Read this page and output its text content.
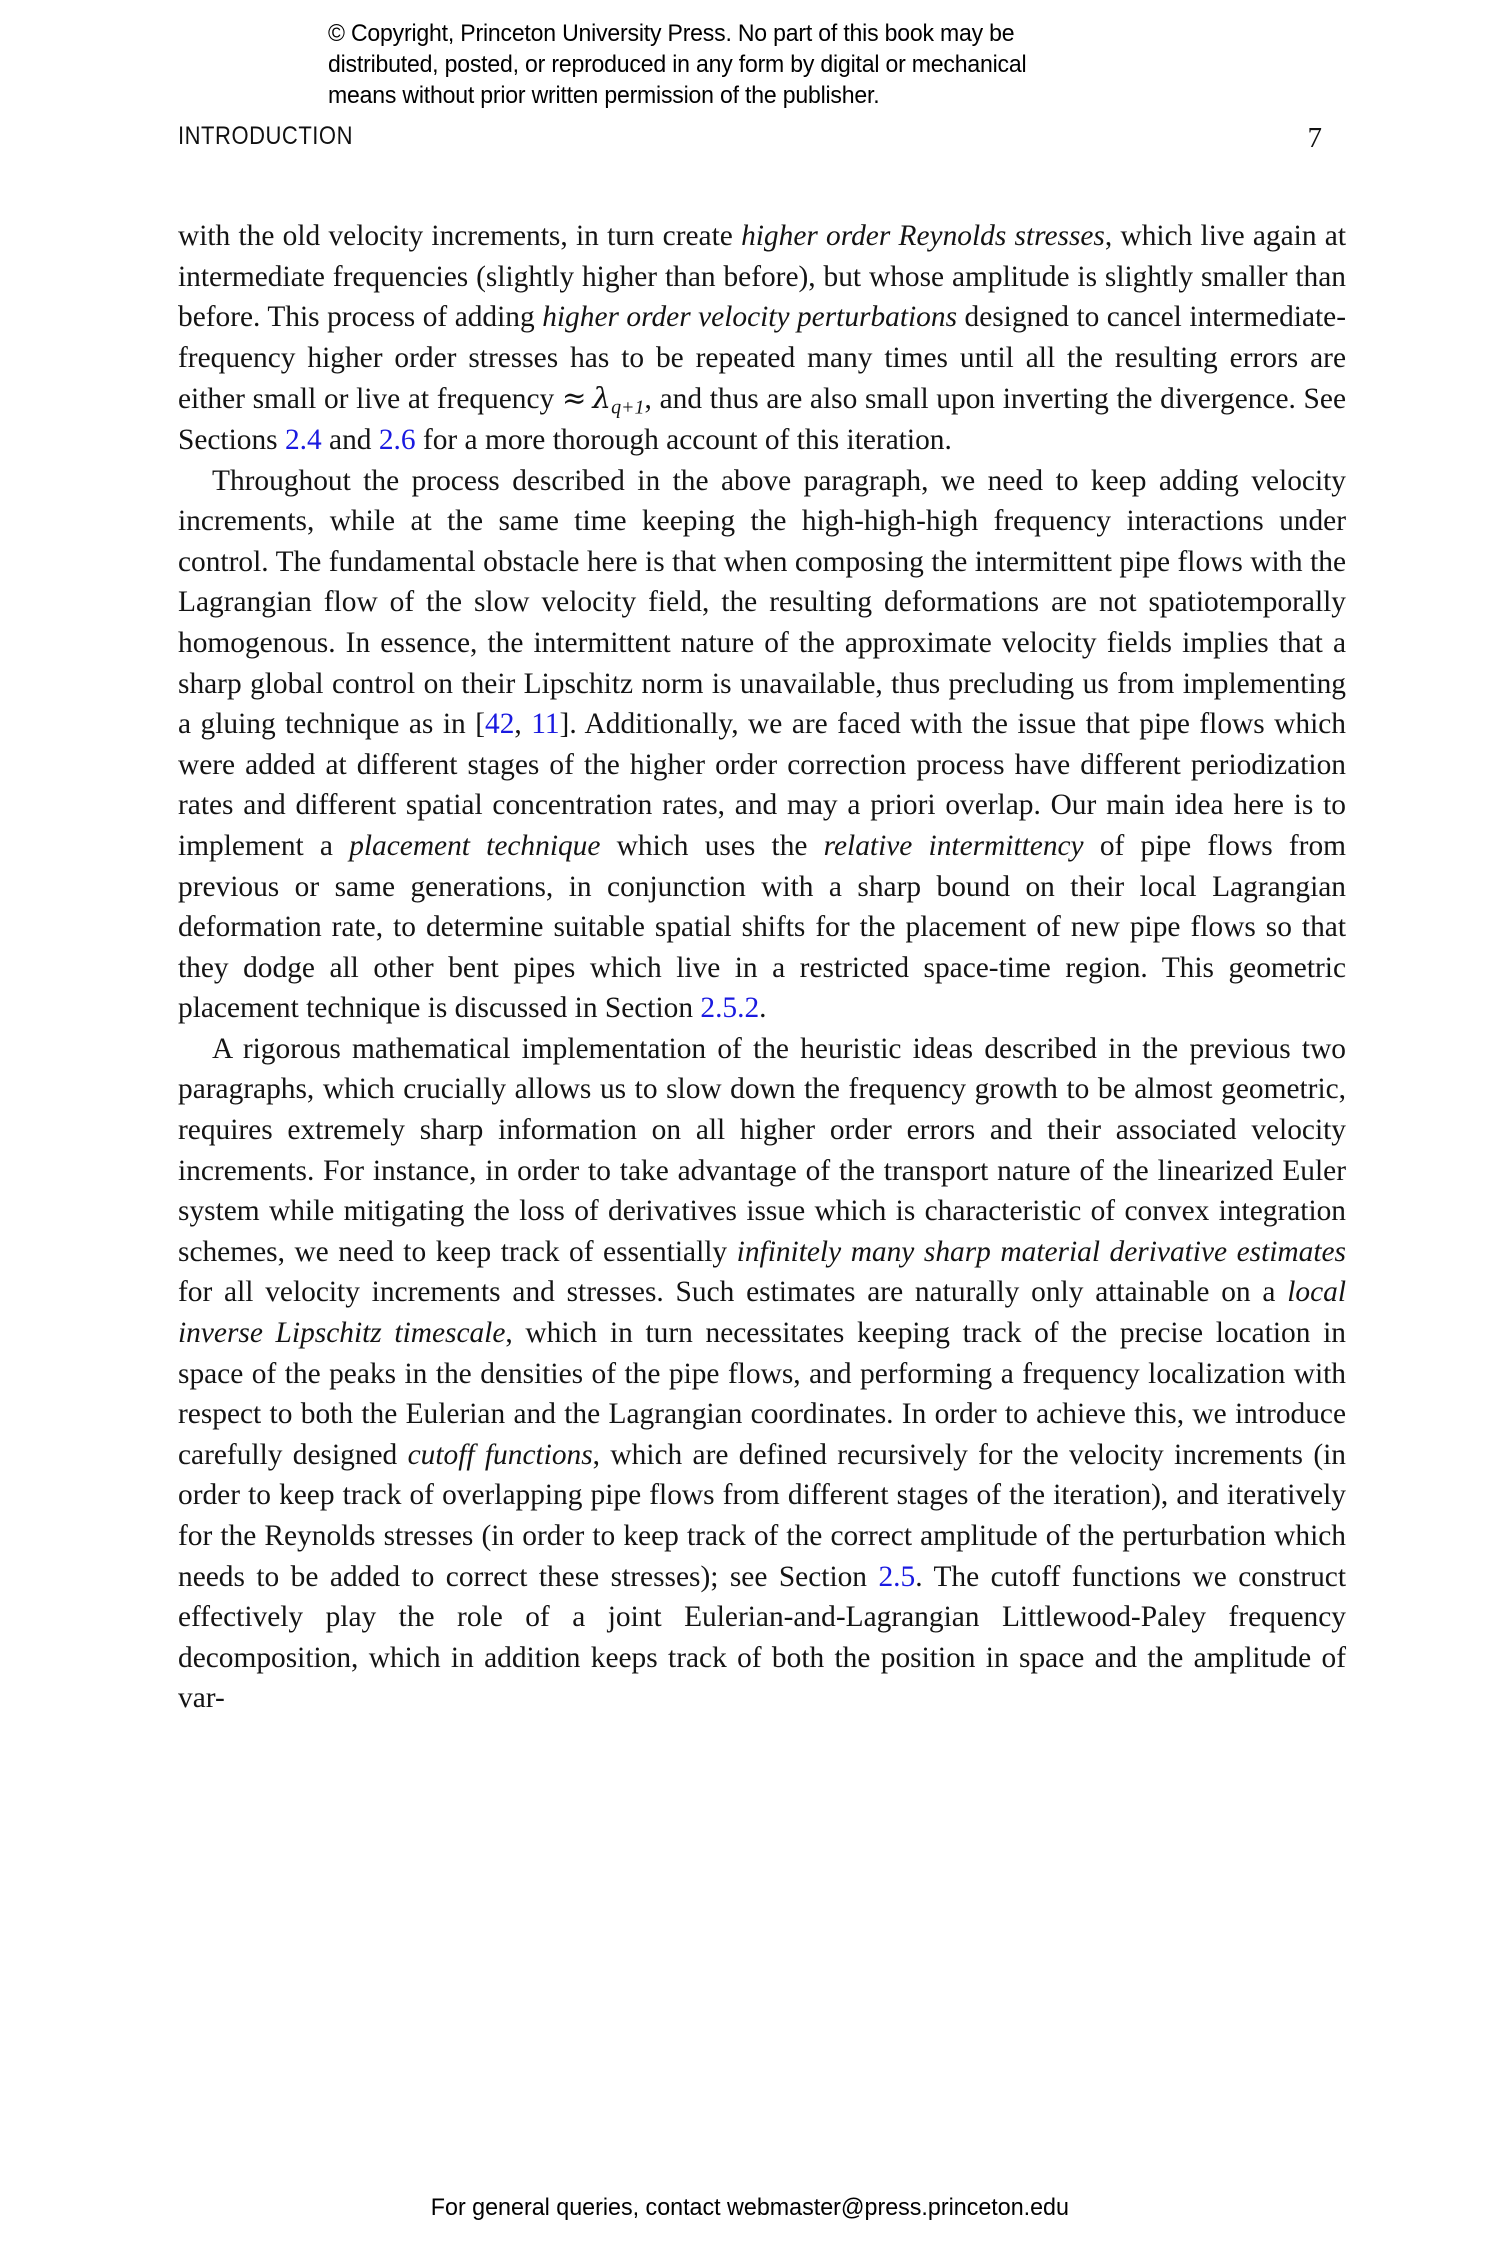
© Copyright, Princeton University Press. No part of this book may be
distributed, posted, or reproduced in any form by digital or mechanical
means without prior written permission of the publisher.
INTRODUCTION	7

with the old velocity increments, in turn create higher order Reynolds stresses, which live again at intermediate frequencies (slightly higher than before), but whose amplitude is slightly smaller than before. This process of adding higher order velocity perturbations designed to cancel intermediate-frequency higher order stresses has to be repeated many times until all the resulting errors are either small or live at frequency ≈ $\lambda_{q+1}$, and thus are also small upon inverting the divergence. See Sections 2.4 and 2.6 for a more thorough account of this iteration.

Throughout the process described in the above paragraph, we need to keep adding velocity increments, while at the same time keeping the high-high-high frequency interactions under control. The fundamental obstacle here is that when composing the intermittent pipe flows with the Lagrangian flow of the slow velocity field, the resulting deformations are not spatiotemporally homogenous. In essence, the intermittent nature of the approximate velocity fields implies that a sharp global control on their Lipschitz norm is unavailable, thus precluding us from implementing a gluing technique as in [42, 11]. Additionally, we are faced with the issue that pipe flows which were added at different stages of the higher order correction process have different periodization rates and different spatial concentration rates, and may a priori overlap. Our main idea here is to implement a placement technique which uses the relative intermittency of pipe flows from previous or same generations, in conjunction with a sharp bound on their local Lagrangian deformation rate, to determine suitable spatial shifts for the placement of new pipe flows so that they dodge all other bent pipes which live in a restricted space-time region. This geometric placement technique is discussed in Section 2.5.2.

A rigorous mathematical implementation of the heuristic ideas described in the previous two paragraphs, which crucially allows us to slow down the frequency growth to be almost geometric, requires extremely sharp information on all higher order errors and their associated velocity increments. For instance, in order to take advantage of the transport nature of the linearized Euler system while mitigating the loss of derivatives issue which is characteristic of convex integration schemes, we need to keep track of essentially infinitely many sharp material derivative estimates for all velocity increments and stresses. Such estimates are naturally only attainable on a local inverse Lipschitz timescale, which in turn necessitates keeping track of the precise location in space of the peaks in the densities of the pipe flows, and performing a frequency localization with respect to both the Eulerian and the Lagrangian coordinates. In order to achieve this, we introduce carefully designed cutoff functions, which are defined recursively for the velocity increments (in order to keep track of overlapping pipe flows from different stages of the iteration), and iteratively for the Reynolds stresses (in order to keep track of the correct amplitude of the perturbation which needs to be added to correct these stresses); see Section 2.5. The cutoff functions we construct effectively play the role of a joint Eulerian-and-Lagrangian Littlewood-Paley frequency decomposition, which in addition keeps track of both the position in space and the amplitude of var-

For general queries, contact webmaster@press.princeton.edu
